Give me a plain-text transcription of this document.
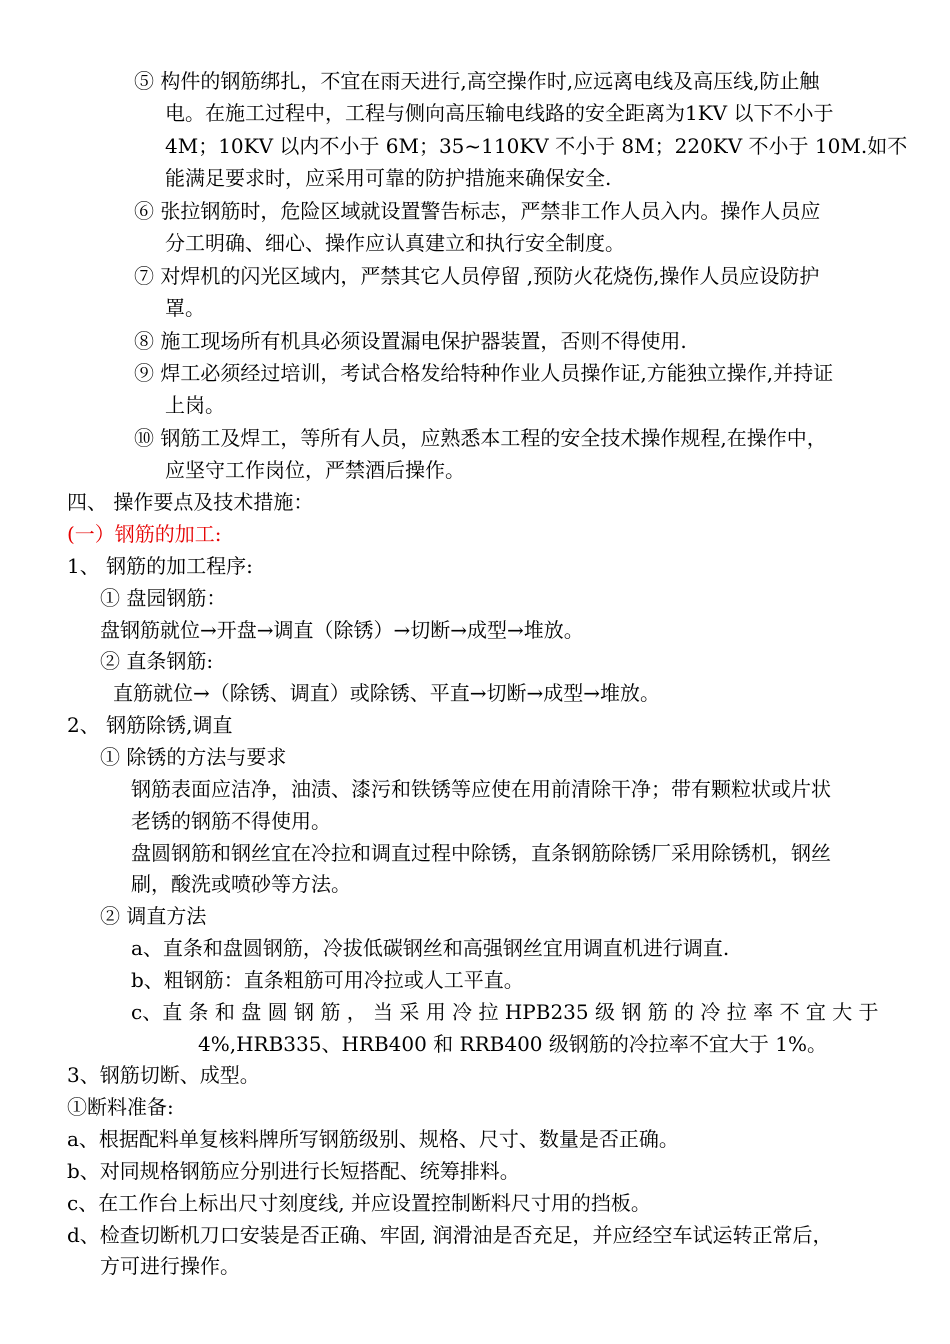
⑤ 构件的钢筋绑扎，不宜在雨天进行,高空操作时,应远离电线及高压线,防止触
电。在施工过程中，工程与侧向高压输电线路的安全距离为1KV 以下不小于
4M；10KV 以内不小于 6M；35~110KV 不小于 8M；220KV 不小于 10M.如不
能满足要求时，应采用可靠的防护措施来确保安全.
⑥ 张拉钢筋时，危险区域就设置警告标志，严禁非工作人员入内。操作人员应
分工明确、细心、操作应认真建立和执行安全制度。
⑦ 对焊机的闪光区域内，严禁其它人员停留 ,预防火花烧伤,操作人员应设防护
罩。
⑧ 施工现场所有机具必须设置漏电保护器装置，否则不得使用.
⑨ 焊工必须经过培训，考试合格发给特种作业人员操作证,方能独立操作,并持证
上岗。
⑩ 钢筋工及焊工，等所有人员，应熟悉本工程的安全技术操作规程,在操作中，
应坚守工作岗位，严禁酒后操作。
四、 操作要点及技术措施：
(一）钢筋的加工:
1、 钢筋的加工程序:
① 盘园钢筋：
盘钢筋就位→开盘→调直（除锈）→切断→成型→堆放。
② 直条钢筋:
直筋就位→（除锈、调直）或除锈、平直→切断→成型→堆放。
2、 钢筋除锈,调直
① 除锈的方法与要求
钢筋表面应洁净，油渍、漆污和铁锈等应使在用前清除干净；带有颗粒状或片状
老锈的钢筋不得使用。
盘圆钢筋和钢丝宜在冷拉和调直过程中除锈，直条钢筋除锈厂采用除锈机，钢丝
刷，酸洗或喷砂等方法。
② 调直方法
a、直条和盘圆钢筋，冷拔低碳钢丝和高强钢丝宜用调直机进行调直.
b、粗钢筋：直条粗筋可用冷拉或人工平直。
c、直 条 和 盘 圆 钢 筋 ， 当 采 用 冷 拉 HPB235 级 钢 筋 的 冷 拉 率 不 宜 大 于
4%,HRB335、HRB400 和 RRB400 级钢筋的冷拉率不宜大于 1%。
3、钢筋切断、成型。
①断料准备:
a、根据配料单复核料牌所写钢筋级别、规格、尺寸、数量是否正确。
b、对同规格钢筋应分别进行长短搭配、统筹排料。
c、在工作台上标出尺寸刻度线, 并应设置控制断料尺寸用的挡板。
d、检查切断机刀口安装是否正确、牢固, 润滑油是否充足，并应经空车试运转正常后，
方可进行操作。
